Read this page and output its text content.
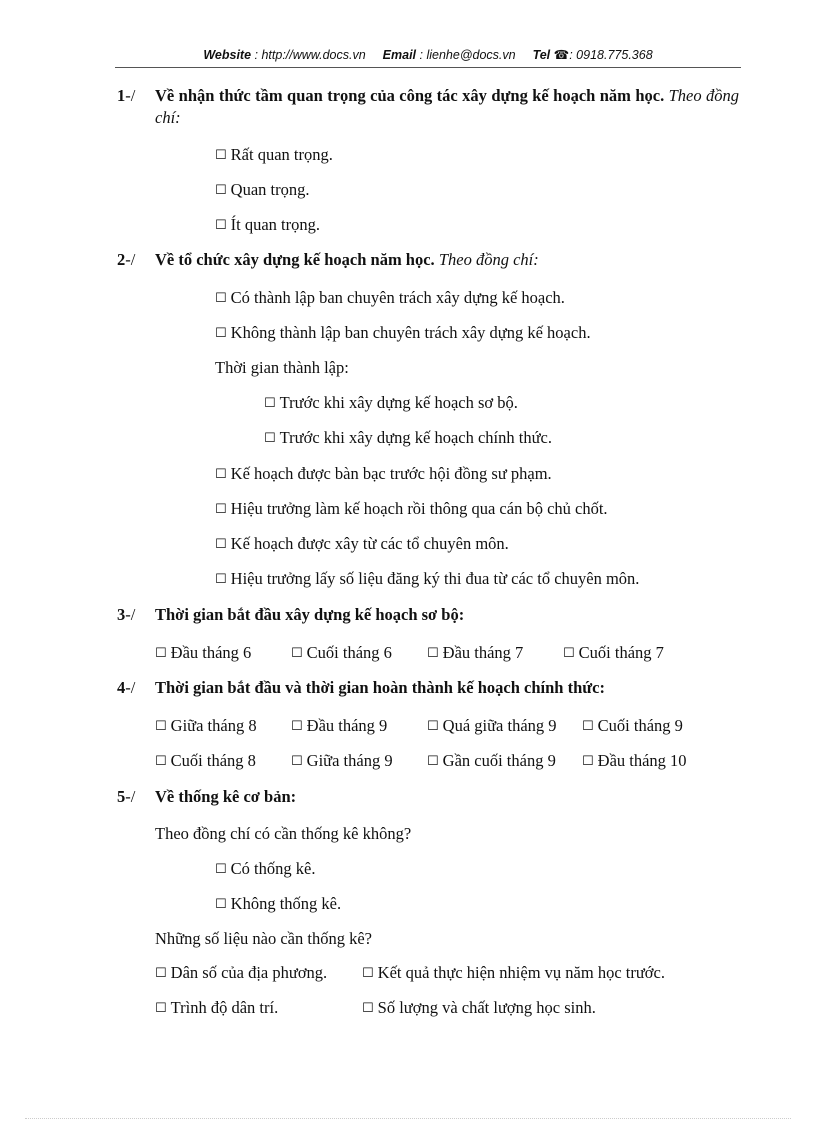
Website : http://www.docs.vn Email : lienhe@docs.vn Tel ☎: 0918.775.368
1-/ Về nhận thức tầm quan trọng của công tác xây dựng kế hoạch năm học. Theo đồng chí:
☐ Rất quan trọng.
☐ Quan trọng.
☐ Ít quan trọng.
2-/ Về tổ chức xây dựng kế hoạch năm học. Theo đồng chí:
☐ Có thành lập ban chuyên trách xây dựng kế hoạch.
☐ Không thành lập ban chuyên trách xây dựng kế hoạch.
Thời gian thành lập:
☐ Trước khi xây dựng kế hoạch sơ bộ.
☐ Trước khi xây dựng kế hoạch chính thức.
☐ Kế hoạch được bàn bạc trước hội đồng sư phạm.
☐ Hiệu trưởng làm kế hoạch rồi thông qua cán bộ chủ chốt.
☐ Kế hoạch được xây từ các tổ chuyên môn.
☐ Hiệu trưởng lấy số liệu đăng ký thi đua từ các tổ chuyên môn.
3-/ Thời gian bắt đầu xây dựng kế hoạch sơ bộ:
☐ Đầu tháng 6	☐ Cuối tháng 6	☐ Đầu tháng 7	☐ Cuối tháng 7
4-/ Thời gian bắt đầu và thời gian hoàn thành kế hoạch chính thức:
☐ Giữa tháng 8	☐ Đầu tháng 9	☐ Quá giữa tháng 9 ☐ Cuối tháng 9
☐ Cuối tháng 8	☐ Giữa tháng 9	☐ Gần cuối tháng 9 ☐ Đầu tháng 10
5-/ Về thống kê cơ bản:
Theo đồng chí có cần thống kê không?
☐ Có thống kê.
☐ Không thống kê.
Những số liệu nào cần thống kê?
☐ Dân số của địa phương.	☐ Kết quả thực hiện nhiệm vụ năm học trước.
☐ Trình độ dân trí.	☐ Số lượng và chất lượng học sinh.
